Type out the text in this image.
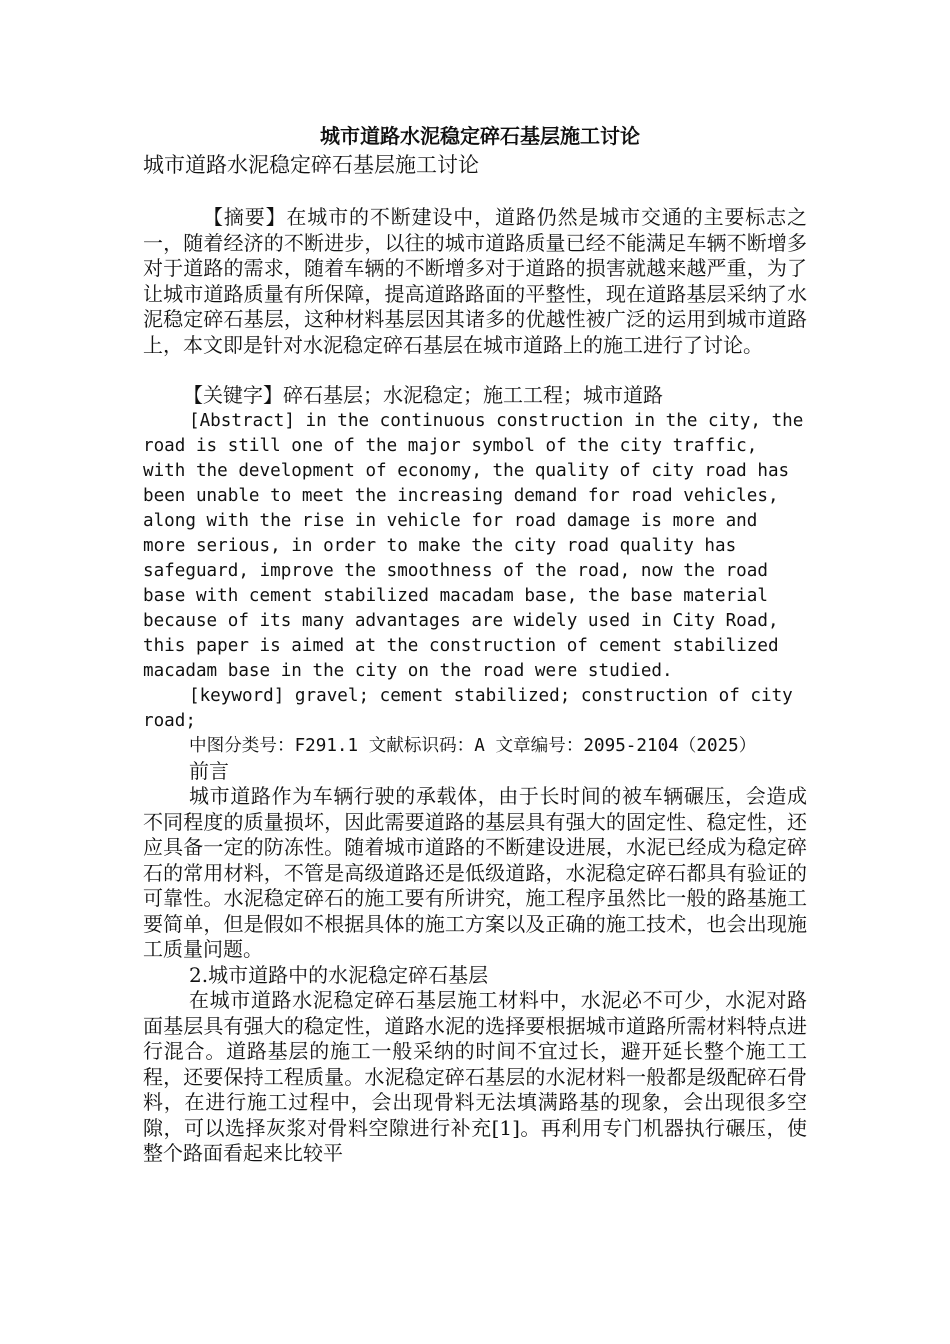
城市道路水泥稳定碎石基层施工讨论
城市道路水泥稳定碎石基层施工讨论

【摘要】在城市的不断建设中，道路仍然是城市交通的主要标志之一，随着经济的不断进步，以往的城市道路质量已经不能满足车辆不断增多对于道路的需求，随着车辆的不断增多对于道路的损害就越来越严重，为了让城市道路质量有所保障，提高道路路面的平整性，现在道路基层采纳了水泥稳定碎石基层，这种材料基层因其诸多的优越性被广泛的运用到城市道路上，本文即是针对水泥稳定碎石基层在城市道路上的施工进行了讨论。

【关键字】碎石基层；水泥稳定；施工工程；城市道路

[Abstract] in the continuous construction in the city, the road is still one of the major symbol of the city traffic, with the development of economy, the quality of city road has been unable to meet the increasing demand for road vehicles, along with the rise in vehicle for road damage is more and more serious, in order to make the city road quality has safeguard, improve the smoothness of the road, now the road base with cement stabilized macadam base, the base material because of its many advantages are widely used in City Road, this paper is aimed at the construction of cement stabilized macadam base in the city on the road were studied.

[keyword] gravel; cement stabilized; construction of city road;

中图分类号：F291.1 文献标识码：A 文章编号：2095-2104（2025）

前言

城市道路作为车辆行驶的承载体，由于长时间的被车辆碾压，会造成不同程度的质量损坏，因此需要道路的基层具有强大的固定性、稳定性，还应具备一定的防冻性。随着城市道路的不断建设进展，水泥已经成为稳定碎石的常用材料，不管是高级道路还是低级道路，水泥稳定碎石都具有验证的可靠性。水泥稳定碎石的施工要有所讲究，施工程序虽然比一般的路基施工要简单，但是假如不根据具体的施工方案以及正确的施工技术，也会出现施工质量问题。

2.城市道路中的水泥稳定碎石基层

在城市道路水泥稳定碎石基层施工材料中，水泥必不可少，水泥对路面基层具有强大的稳定性，道路水泥的选择要根据城市道路所需材料特点进行混合。道路基层的施工一般采纳的时间不宜过长，避开延长整个施工工程，还要保持工程质量。水泥稳定碎石基层的水泥材料一般都是级配碎石骨料，在进行施工过程中，会出现骨料无法填满路基的现象，会出现很多空隙，可以选择灰浆对骨料空隙进行补充[1]。再利用专门机器执行碾压，使整个路面看起来比较平
